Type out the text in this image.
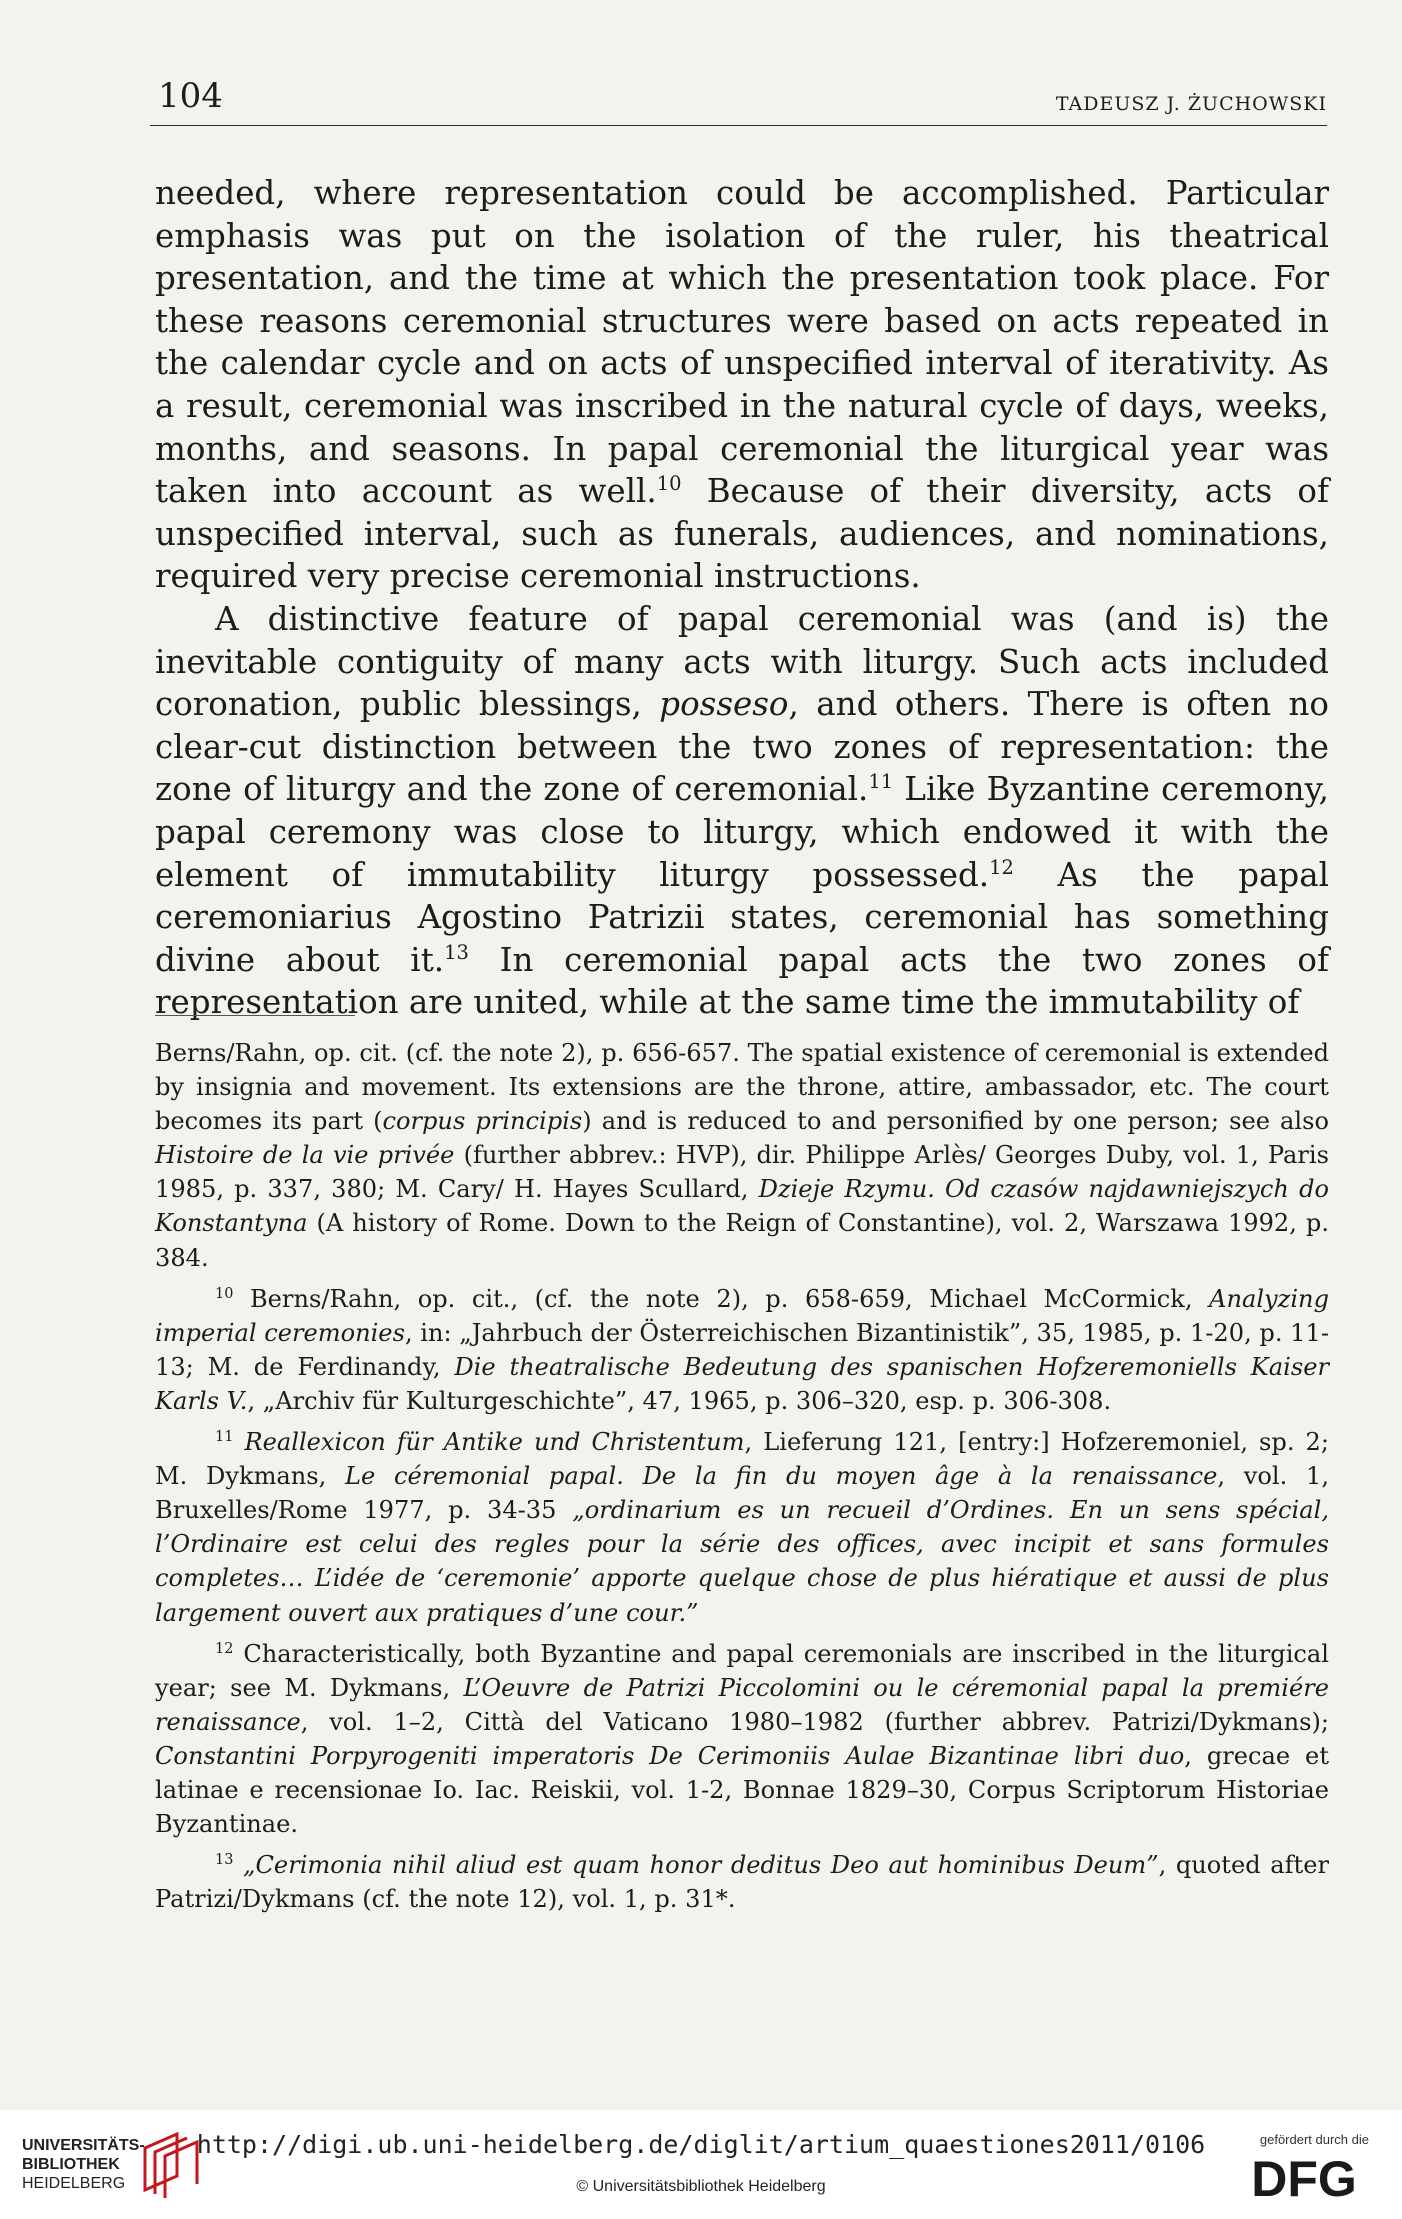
104	TADEUSZ J. ŻUCHOWSKI

needed, where representation could be accomplished. Particular emphasis was put on the isolation of the ruler, his theatrical presentation, and the time at which the presentation took place. For these reasons ceremonial structures were based on acts repeated in the calendar cycle and on acts of unspecified interval of iterativity. As a result, ceremonial was inscribed in the natural cycle of days, weeks, months, and seasons. In papal ceremonial the liturgical year was taken into account as well.$^{10}$ Because of their diversity, acts of unspecified interval, such as funerals, audiences, and nominations, required very precise ceremonial instructions.

A distinctive feature of papal ceremonial was (and is) the inevitable contiguity of many acts with liturgy. Such acts included coronation, public blessings, posseso, and others. There is often no clear-cut distinction between the two zones of representation: the zone of liturgy and the zone of ceremonial.$^{11}$ Like Byzantine ceremony, papal ceremony was close to liturgy, which endowed it with the element of immutability liturgy possessed.$^{12}$ As the papal ceremoniarius Agostino Patrizii states, ceremonial has something divine about it.$^{13}$ In ceremonial papal acts the two zones of representation are united, while at the same time the immutability of

Berns/Rahn, op. cit. (cf. the note 2), p. 656-657. The spatial existence of ceremonial is extended by insignia and movement. Its extensions are the throne, attire, ambassador, etc. The court becomes its part (corpus principis) and is reduced to and personified by one person; see also Histoire de la vie privée (further abbrev.: HVP), dir. Philippe Arlès/ Georges Duby, vol. 1, Paris 1985, p. 337, 380; M. Cary/ H. Hayes Scullard, Dzieje Rzymu. Od czasów najdawniejszych do Konstantyna (A history of Rome. Down to the Reign of Constantine), vol. 2, Warszawa 1992, p. 384.

$^{10}$ Berns/Rahn, op. cit., (cf. the note 2), p. 658-659, Michael McCormick, Analyzing imperial ceremonies, in: „Jahrbuch der Österreichischen Bizantinistik”, 35, 1985, p. 1-20, p. 11-13; M. de Ferdinandy, Die theatralische Bedeutung des spanischen Hofzeremoniells Kaiser Karls V., „Archiv für Kulturgeschichte”, 47, 1965, p. 306–320, esp. p. 306-308.

$^{11}$ Reallexicon für Antike und Christentum, Lieferung 121, [entry:] Hofzeremoniel, sp. 2; M. Dykmans, Le céremonial papal. De la fin du moyen âge à la renaissance, vol. 1, Bruxelles/Rome 1977, p. 34-35 „ordinarium es un recueil d’Ordines. En un sens spécial, l’Ordinaire est celui des regles pour la série des offices, avec incipit et sans formules completes… L’idée de ‘ceremonie’ apporte quelque chose de plus hiératique et aussi de plus largement ouvert aux pratiques d’une cour.”

$^{12}$ Characteristically, both Byzantine and papal ceremonials are inscribed in the liturgical year; see M. Dykmans, L’Oeuvre de Patrizi Piccolomini ou le céremonial papal la premiére renaissance, vol. 1–2, Città del Vaticano 1980–1982 (further abbrev. Patrizi/Dykmans); Constantini Porpyrogeniti imperatoris De Cerimoniis Aulae Bizantinae libri duo, grecae et latinae e recensionae Io. Iac. Reiskii, vol. 1-2, Bonnae 1829–30, Corpus Scriptorum Historiae Byzantinae.

$^{13}$ „Cerimonia nihil aliud est quam honor deditus Deo aut hominibus Deum”, quoted after Patrizi/Dykmans (cf. the note 12), vol. 1, p. 31*.

UNIVERSITÄTS-
BIBLIOTHEK
HEIDELBERG
http://digi.ub.uni-heidelberg.de/diglit/artium_quaestiones2011/0106
© Universitätsbibliothek Heidelberg
gefördert durch die
DFG
